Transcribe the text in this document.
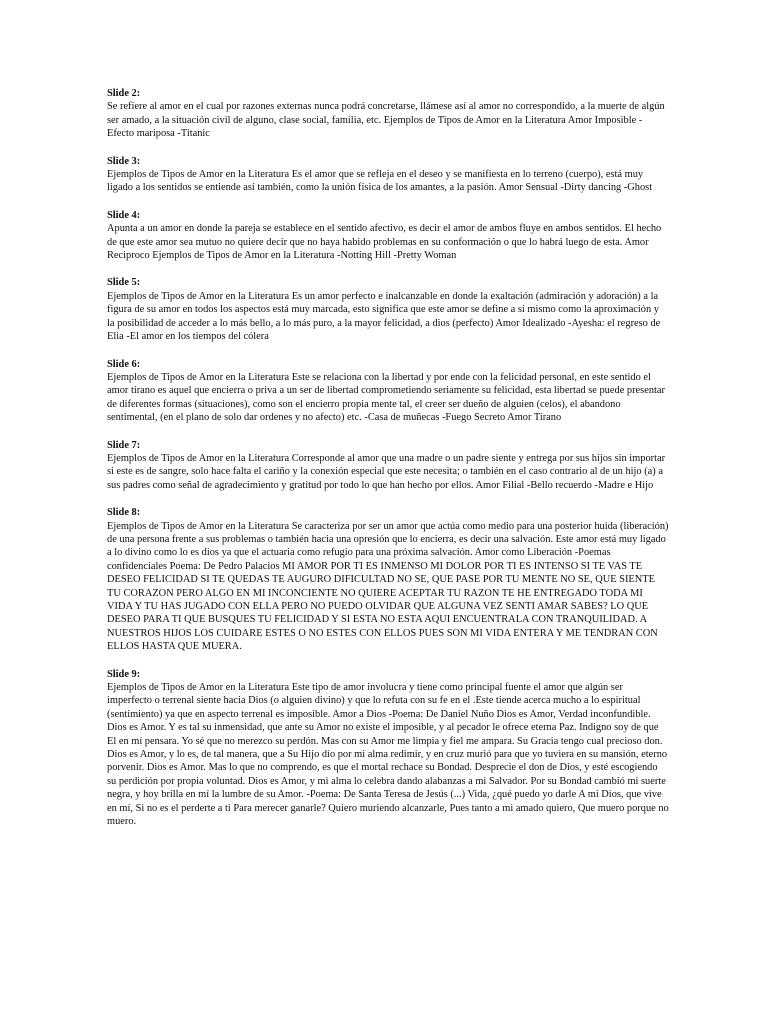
Slide 2:
Se refiere al amor en el cual por razones externas nunca podrá concretarse, llámese así al amor no correspondido, a la muerte de algún ser amado, a la situación civil de alguno, clase social, familia, etc. Ejemplos de Tipos de Amor en la Literatura Amor Imposible -Efecto mariposa -Titanic
Slide 3:
Ejemplos de Tipos de Amor en la Literatura Es el amor que se refleja en el deseo y se manifiesta en lo terreno (cuerpo), está muy ligado a los sentidos se entiende así también, como la unión física de los amantes, a la pasión. Amor Sensual -Dirty dancing -Ghost
Slide 4:
Apunta a un amor en donde la pareja se establece en el sentido afectivo, es decir el amor de ambos fluye en ambos sentidos. El hecho de que este amor sea mutuo no quiere decir que no haya habido problemas en su conformación o que lo habrá luego de esta. Amor Reciproco Ejemplos de Tipos de Amor en la Literatura -Notting Hill -Pretty Woman
Slide 5:
Ejemplos de Tipos de Amor en la Literatura Es un amor perfecto e inalcanzable en donde la exaltación (admiración y adoración) a la figura de su amor en todos los aspectos está muy marcada, esto significa que este amor se define a sí mismo como la aproximación y la posibilidad de acceder a lo más bello, a lo más puro, a la mayor felicidad, a dios (perfecto) Amor Idealizado -Ayesha: el regreso de Elia -El amor en los tiempos del cólera
Slide 6:
Ejemplos de Tipos de Amor en la Literatura Este se relaciona con la libertad y por ende con la felicidad personal, en este sentido el amor tirano es aquel que encierra o priva a un ser de libertad comprometiendo seriamente su felicidad, esta libertad se puede presentar de diferentes formas (situaciones), como son el encierro propia mente tal, el creer ser dueño de alguien (celos), el abandono sentimental, (en el plano de solo dar ordenes y no afecto) etc. -Casa de muñecas -Fuego Secreto Amor Tirano
Slide 7:
Ejemplos de Tipos de Amor en la Literatura Corresponde al amor que una madre o un padre siente y entrega por sus hijos sin importar si este es de sangre, solo hace falta el cariño y la conexión especial que este necesita; o también en el caso contrario al de un hijo (a) a sus padres como señal de agradecimiento y gratitud por todo lo que han hecho por ellos. Amor Filial -Bello recuerdo -Madre e Hijo
Slide 8:
Ejemplos de Tipos de Amor en la Literatura Se caracteriza por ser un amor que actúa como medio para una posterior huida (liberación) de una persona frente a sus problemas o también hacia una opresión que lo encierra, es decir una salvación. Este amor está muy ligado a lo divino como lo es dios ya que el actuaria como refugio para una próxima salvación. Amor como Liberación -Poemas confidenciales Poema: De Pedro Palacios MI AMOR POR TI ES INMENSO MI DOLOR POR TI ES INTENSO SI TE VAS TE DESEO FELICIDAD SI TE QUEDAS TE AUGURO DIFICULTAD NO SE, QUE PASE POR TU MENTE NO SE, QUE SIENTE TU CORAZON PERO ALGO EN MI INCONCIENTE NO QUIERE ACEPTAR TU RAZON TE HE ENTREGADO TODA MI VIDA Y TU HAS JUGADO CON ELLA PERO NO PUEDO OLVIDAR QUE ALGUNA VEZ SENTI AMAR SABES? LO QUE DESEO PARA TI QUE BUSQUES TU FELICIDAD Y SI ESTA NO ESTA AQUI ENCUENTRALA CON TRANQUILIDAD. A NUESTROS HIJOS LOS CUIDARE ESTES O NO ESTES CON ELLOS PUES SON MI VIDA ENTERA Y ME TENDRAN CON ELLOS HASTA QUE MUERA.
Slide 9:
Ejemplos de Tipos de Amor en la Literatura Este tipo de amor involucra y tiene como principal fuente el amor que algún ser imperfecto o terrenal siente hacia Dios (o alguien divino) y que lo refuta con su fe en el .Este tiende acerca mucho a lo espiritual (sentimiento) ya que en aspecto terrenal es imposible. Amor a Dios -Poema: De Daniel Nuño Dios es Amor, Verdad inconfundible. Dios es Amor. Y es tal su inmensidad, que ante su Amor no existe el imposible, y al pecador le ofrece eterna Paz. Indigno soy de que El en mí pensara. Yo sé que no merezco su perdón. Mas con su Amor me limpia y fiel me ampara. Su Gracia tengo cual precioso don. Dios es Amor, y lo es, de tal manera, que a Su Hijo dio por mi alma redimir, y en cruz murió para que yo tuviera en su mansión, eterno porvenir. Dios es Amor. Mas lo que no comprendo, es que el mortal rechace su Bondad. Desprecie el don de Dios, y esté escogiendo su perdición por propia voluntad. Dios es Amor, y mi alma lo celebra dando alabanzas a mi Salvador. Por su Bondad cambió mi suerte negra, y hoy brilla en mí la lumbre de su Amor. -Poema: De Santa Teresa de Jesús (...) Vida, ¿qué puedo yo darle A mi Dios, que vive en mí, Si no es el perderte a ti Para merecer ganarle? Quiero muriendo alcanzarle, Pues tanto a mi amado quiero, Que muero porque no muero.
